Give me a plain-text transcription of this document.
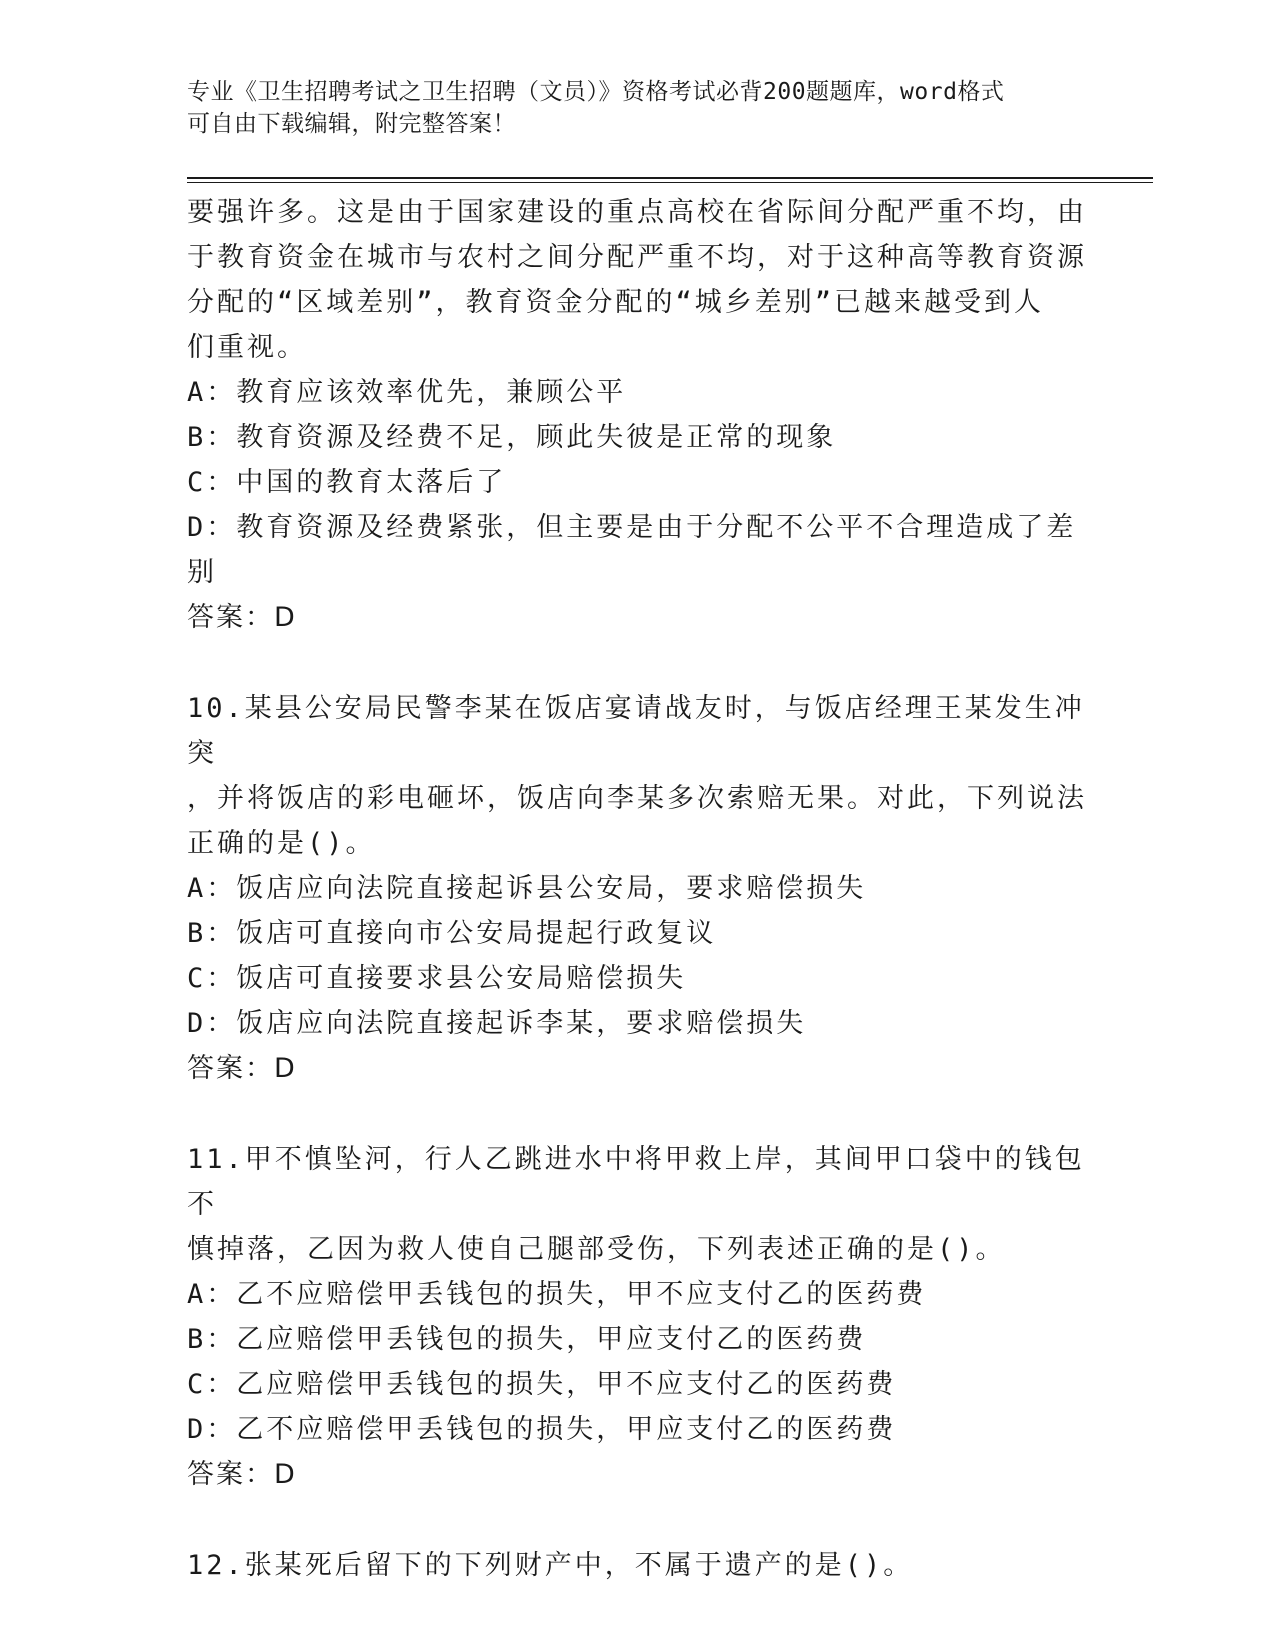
专业《卫生招聘考试之卫生招聘（文员）》资格考试必背200题题库，word格式
可自由下载编辑，附完整答案！

要强许多。这是由于国家建设的重点高校在省际间分配严重不均，由

于教育资金在城市与农村之间分配严重不均，对于这种高等教育资源

分配的“区域差别”，教育资金分配的“城乡差别”已越来越受到人

们重视。

A：教育应该效率优先，兼顾公平

B：教育资源及经费不足，顾此失彼是正常的现象

C：中国的教育太落后了

D：教育资源及经费紧张，但主要是由于分配不公平不合理造成了差别

答案：D

10.某县公安局民警李某在饭店宴请战友时，与饭店经理王某发生冲突

，并将饭店的彩电砸坏，饭店向李某多次索赔无果。对此，下列说法

正确的是()。

A：饭店应向法院直接起诉县公安局，要求赔偿损失

B：饭店可直接向市公安局提起行政复议

C：饭店可直接要求县公安局赔偿损失

D：饭店应向法院直接起诉李某，要求赔偿损失

答案：D

11.甲不慎坠河，行人乙跳进水中将甲救上岸，其间甲口袋中的钱包不

慎掉落，乙因为救人使自己腿部受伤，下列表述正确的是()。

A：乙不应赔偿甲丢钱包的损失，甲不应支付乙的医药费

B：乙应赔偿甲丢钱包的损失，甲应支付乙的医药费

C：乙应赔偿甲丢钱包的损失，甲不应支付乙的医药费

D：乙不应赔偿甲丢钱包的损失，甲应支付乙的医药费

答案：D

12.张某死后留下的下列财产中，不属于遗产的是()。
